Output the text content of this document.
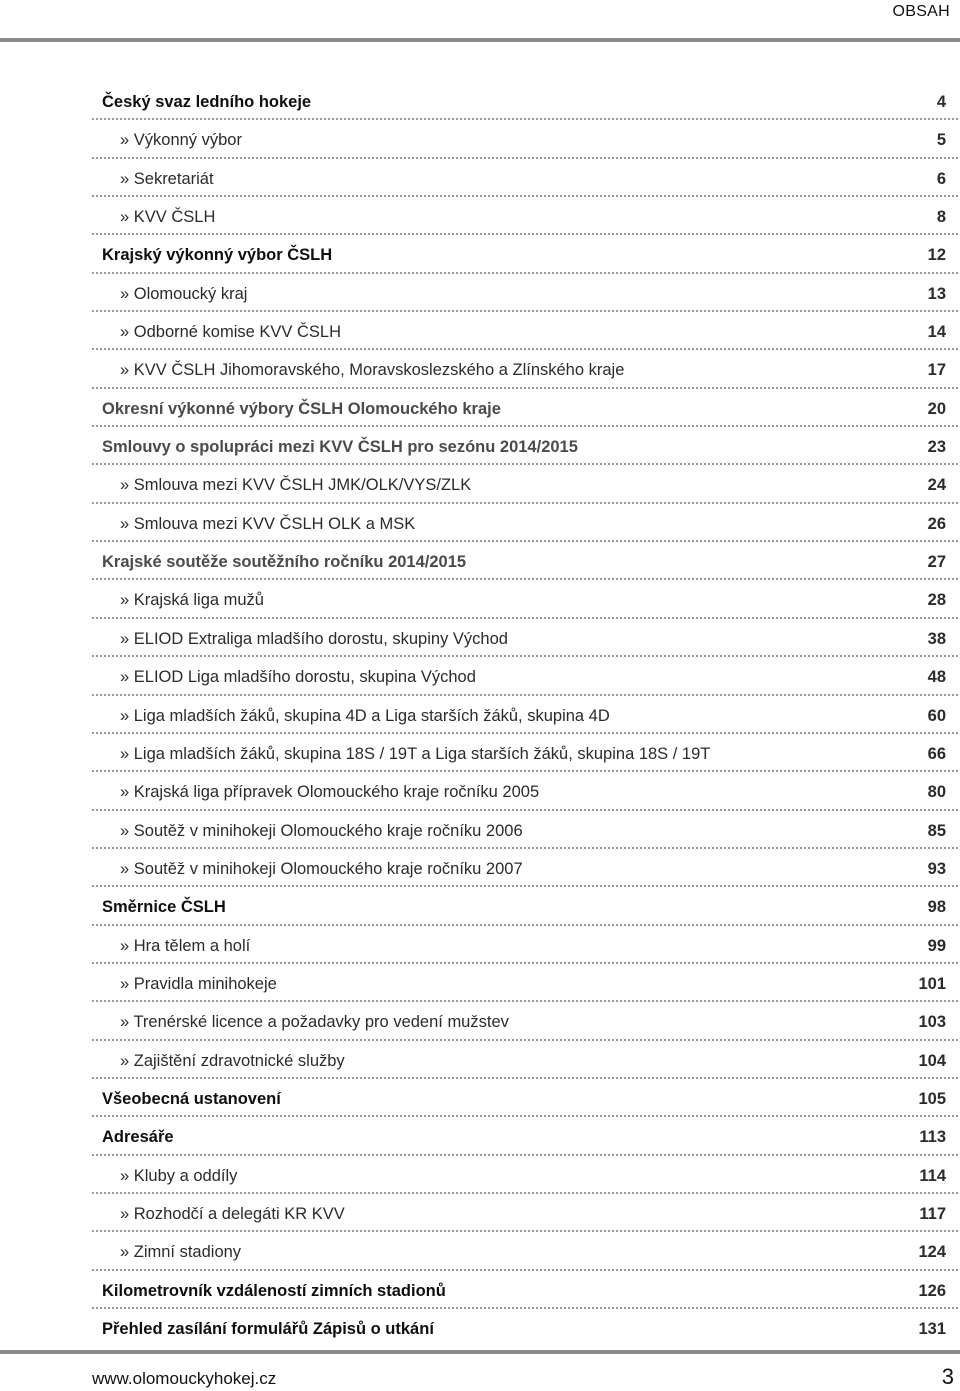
OBSAH
Český svaz ledního hokeje	4
» Výkonný výbor	5
» Sekretariát	6
» KVV ČSLH	8
Krajský výkonný výbor ČSLH	12
» Olomoucký kraj	13
» Odborné komise KVV ČSLH	14
» KVV ČSLH Jihomoravského, Moravskoslezského a Zlínského kraje	17
Okresní výkonné výbory ČSLH Olomouckého kraje	20
Smlouvy o spolupráci mezi KVV ČSLH pro sezónu 2014/2015	23
» Smlouva mezi KVV ČSLH JMK/OLK/VYS/ZLK	24
» Smlouva mezi KVV ČSLH OLK a MSK	26
Krajské soutěže soutěžního ročníku 2014/2015	27
» Krajská liga mužů	28
» ELIOD Extraliga mladšího dorostu, skupiny Východ	38
» ELIOD Liga mladšího dorostu, skupina Východ	48
» Liga mladších žáků, skupina 4D a Liga starších žáků, skupina 4D	60
» Liga mladších žáků, skupina 18S / 19T a Liga starších žáků, skupina 18S / 19T	66
» Krajská liga přípravek Olomouckého kraje ročníku 2005	80
» Soutěž v minihokeji Olomouckého kraje ročníku 2006	85
» Soutěž v minihokeji Olomouckého kraje ročníku 2007	93
Směrnice ČSLH	98
» Hra tělem a holí	99
» Pravidla minihokeje	101
» Trenérské licence a požadavky pro vedení mužstev	103
» Zajištění zdravotnické služby	104
Všeobecná ustanovení	105
Adresáře	113
» Kluby a oddíly	114
» Rozhodčí a delegáti KR KVV	117
» Zimní stadiony	124
Kilometrovník vzdáleností zimních stadionů	126
Přehled zasílání formulářů Zápisů o utkání	131
www.olomouckyhokej.cz	3
